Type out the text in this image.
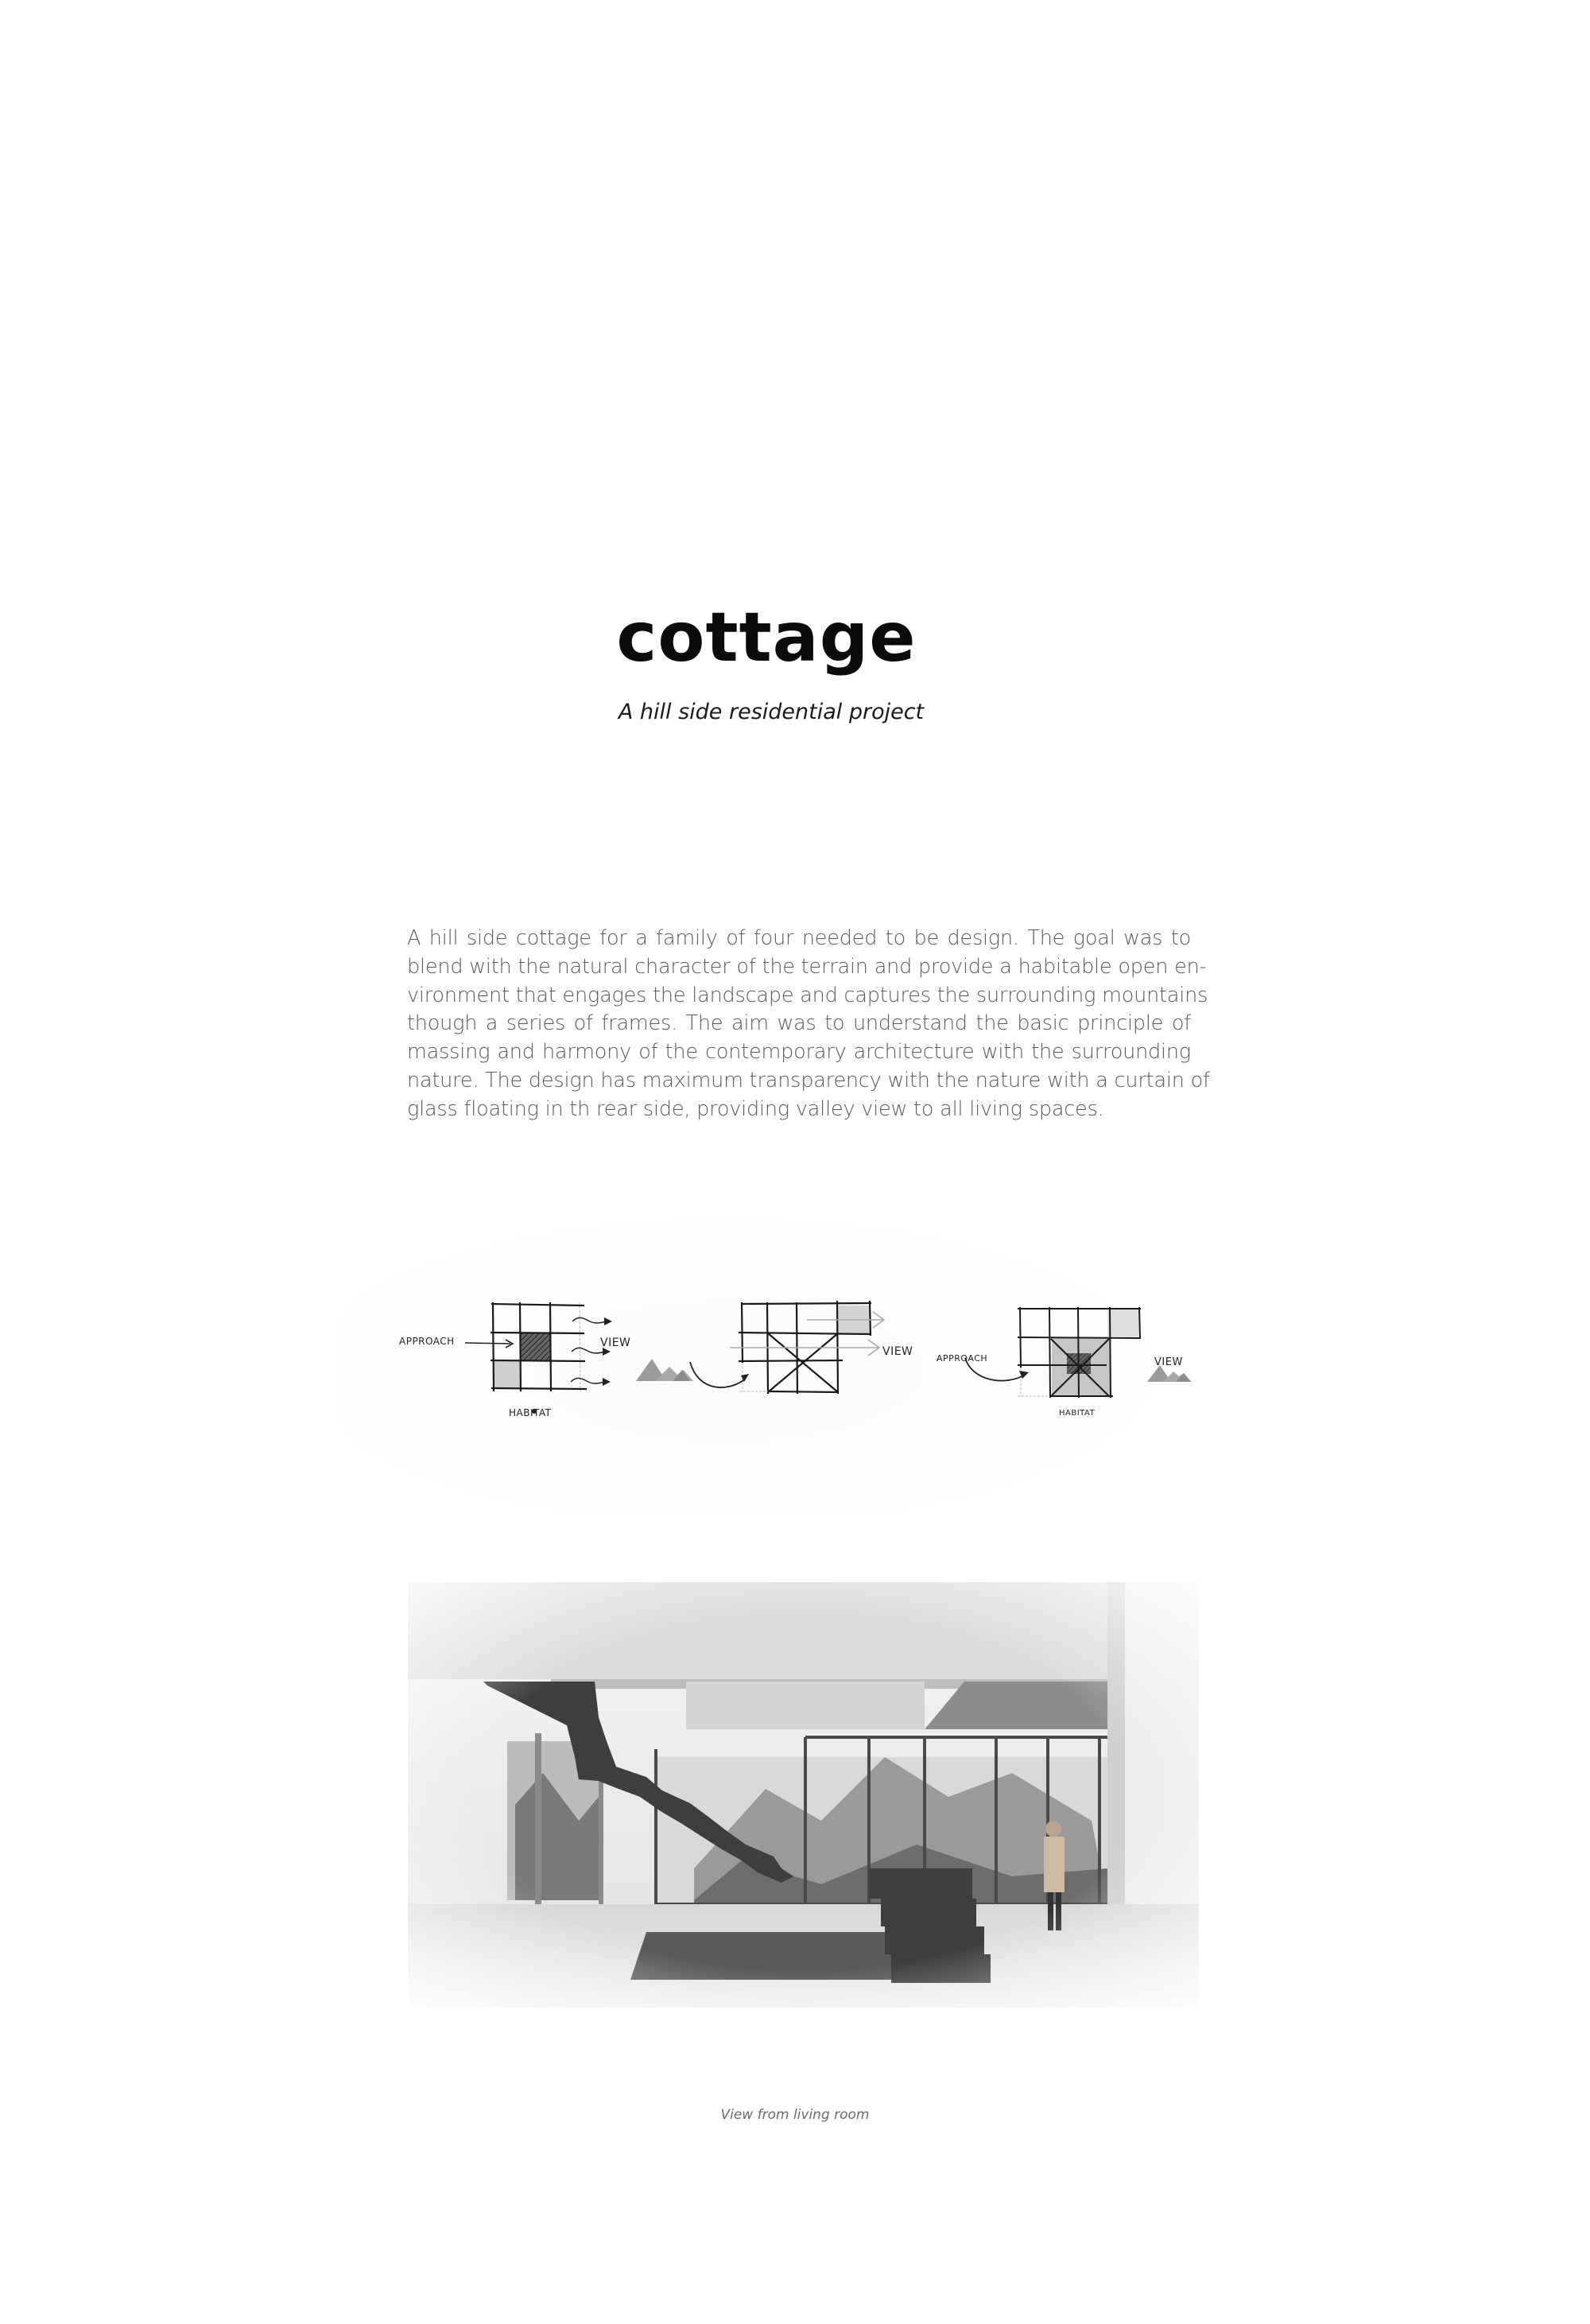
cottage
A hill side residential project
A hill side cottage for a family of four needed to be design. The goal was to
blend with the natural character of the terrain and provide a habitable open en-
vironment that engages the landscape and captures the surrounding mountains
though a series of frames. The aim was to understand the basic principle of
massing and harmony of the contemporary architecture with the surrounding
nature. The design has maximum transparency with the nature with a curtain of
glass floating in th rear side, providing valley view to all living spaces.
APPROACH	VIEW
HABITAT
VIEW
APPROACH	VIEW
HABITAT
View from living room
